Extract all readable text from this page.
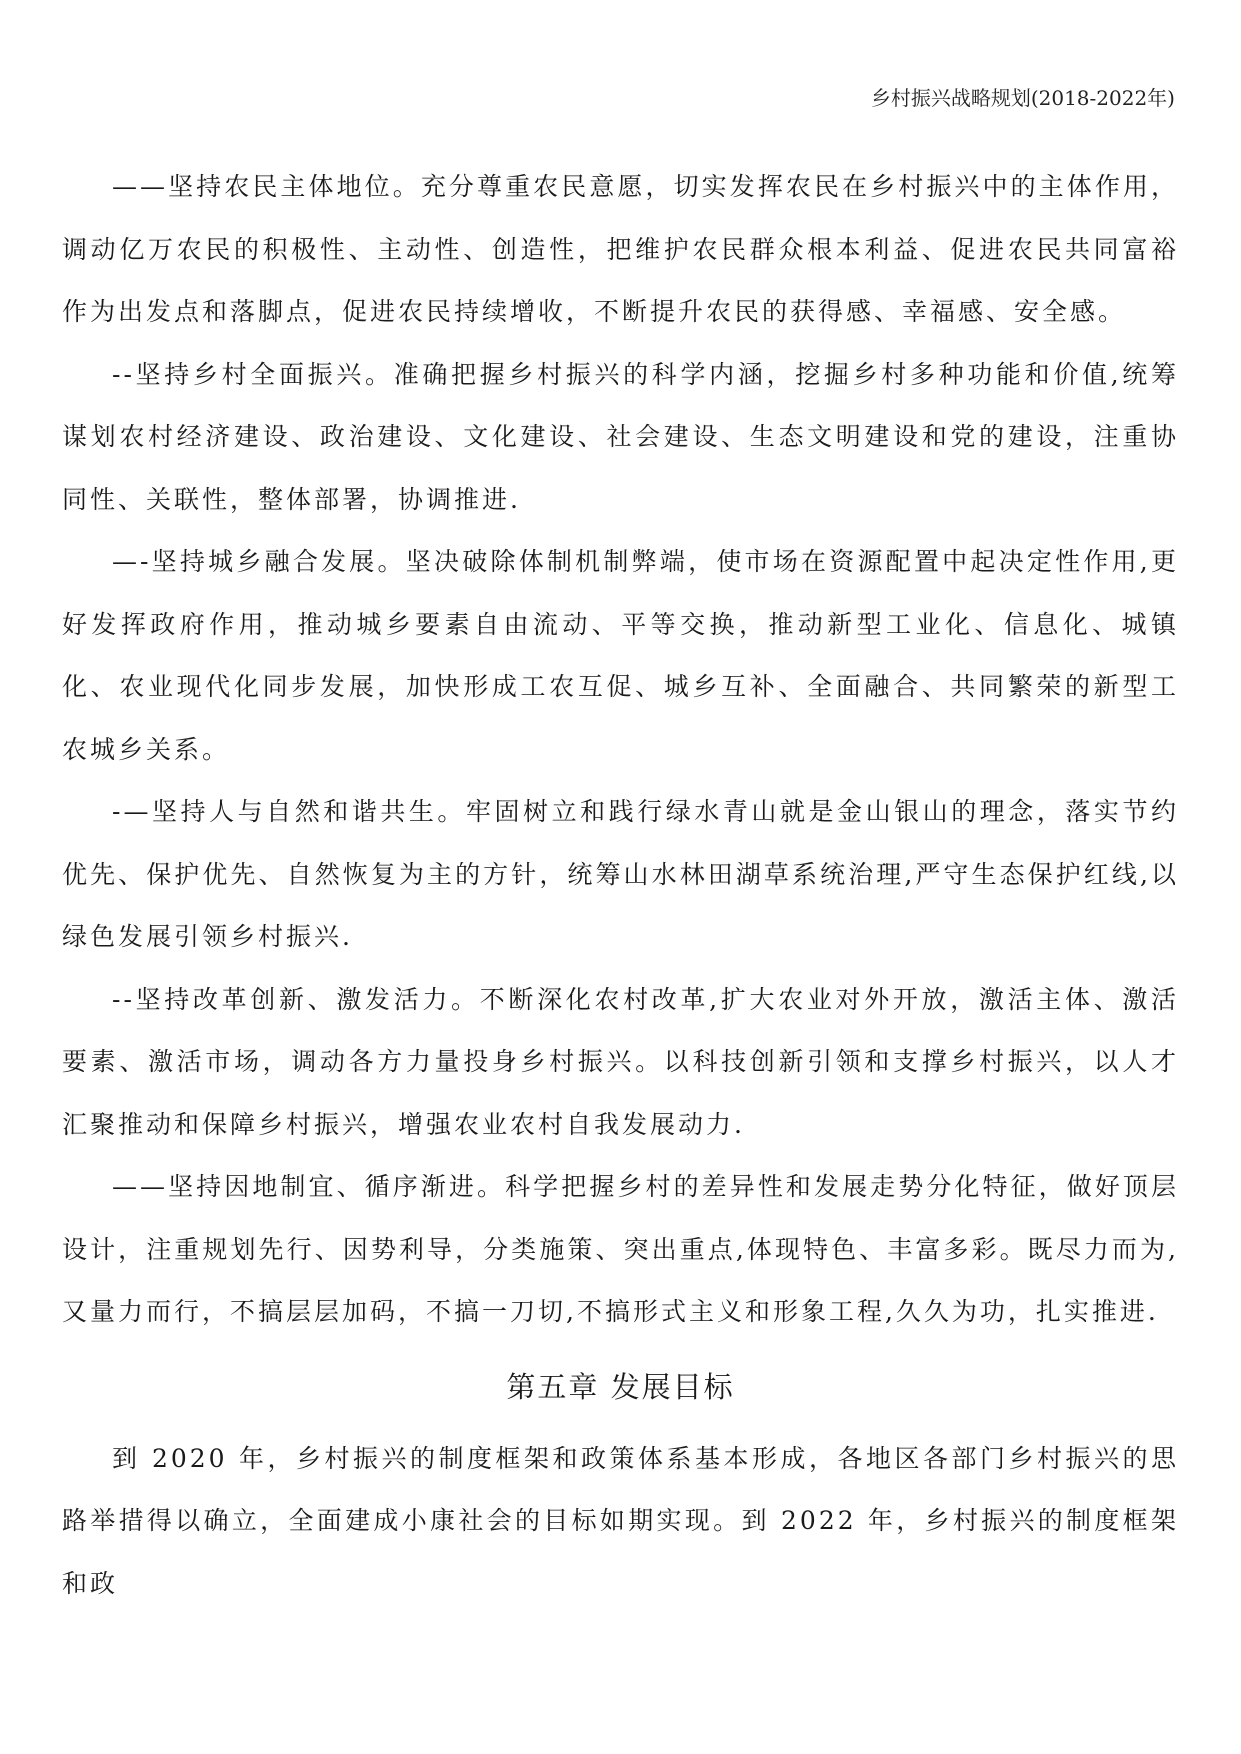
乡村振兴战略规划(2018-2022年)

——坚持农民主体地位。充分尊重农民意愿，切实发挥农民在乡村振兴中的主体作用，调动亿万农民的积极性、主动性、创造性，把维护农民群众根本利益、促进农民共同富裕作为出发点和落脚点，促进农民持续增收，不断提升农民的获得感、幸福感、安全感。

--坚持乡村全面振兴。准确把握乡村振兴的科学内涵，挖掘乡村多种功能和价值,统筹谋划农村经济建设、政治建设、文化建设、社会建设、生态文明建设和党的建设，注重协同性、关联性，整体部署，协调推进.

—-坚持城乡融合发展。坚决破除体制机制弊端，使市场在资源配置中起决定性作用,更好发挥政府作用，推动城乡要素自由流动、平等交换，推动新型工业化、信息化、城镇化、农业现代化同步发展，加快形成工农互促、城乡互补、全面融合、共同繁荣的新型工农城乡关系。

-—坚持人与自然和谐共生。牢固树立和践行绿水青山就是金山银山的理念，落实节约优先、保护优先、自然恢复为主的方针，统筹山水林田湖草系统治理,严守生态保护红线,以绿色发展引领乡村振兴.

--坚持改革创新、激发活力。不断深化农村改革,扩大农业对外开放，激活主体、激活要素、激活市场，调动各方力量投身乡村振兴。以科技创新引领和支撑乡村振兴，以人才汇聚推动和保障乡村振兴，增强农业农村自我发展动力.

——坚持因地制宜、循序渐进。科学把握乡村的差异性和发展走势分化特征，做好顶层设计，注重规划先行、因势利导，分类施策、突出重点,体现特色、丰富多彩。既尽力而为,又量力而行，不搞层层加码，不搞一刀切,不搞形式主义和形象工程,久久为功，扎实推进.

第五章 发展目标

到 2020 年，乡村振兴的制度框架和政策体系基本形成，各地区各部门乡村振兴的思路举措得以确立，全面建成小康社会的目标如期实现。到 2022 年，乡村振兴的制度框架和政
